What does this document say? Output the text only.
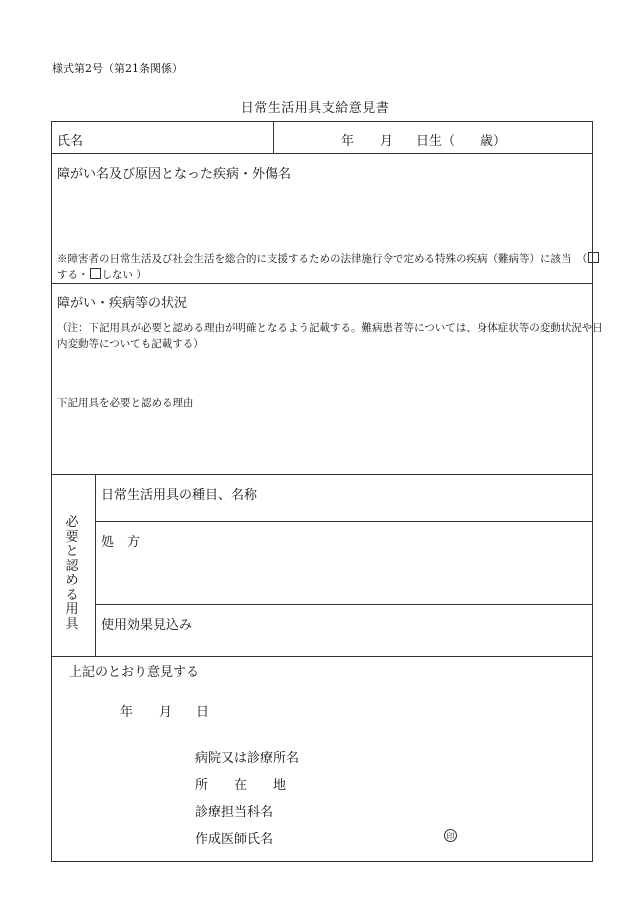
様式第2号（第21条関係）
日常生活用具支給意見書
氏名	年 月 日生（ 歳）
障がい名及び原因となった疾病・外傷名
※障害者の日常生活及び社会生活を総合的に支援するための法律施行令で定める特殊の疾病（難病等）に該当　（
する・ しない ）
障がい・疾病等の状況
（注：下記用具が必要と認める理由が明確となるよう記載する。難病患者等については、身体症状等の変動状況や日
内変動等についても記載する）
下記用具を必要と認める理由
必要と認める用具
日常生活用具の種目、名称
処　方
使用効果見込み
上記のとおり意見する
年 月 日
病院又は診療所名
所　　在　　地
診療担当科名
作成医師氏名	印
